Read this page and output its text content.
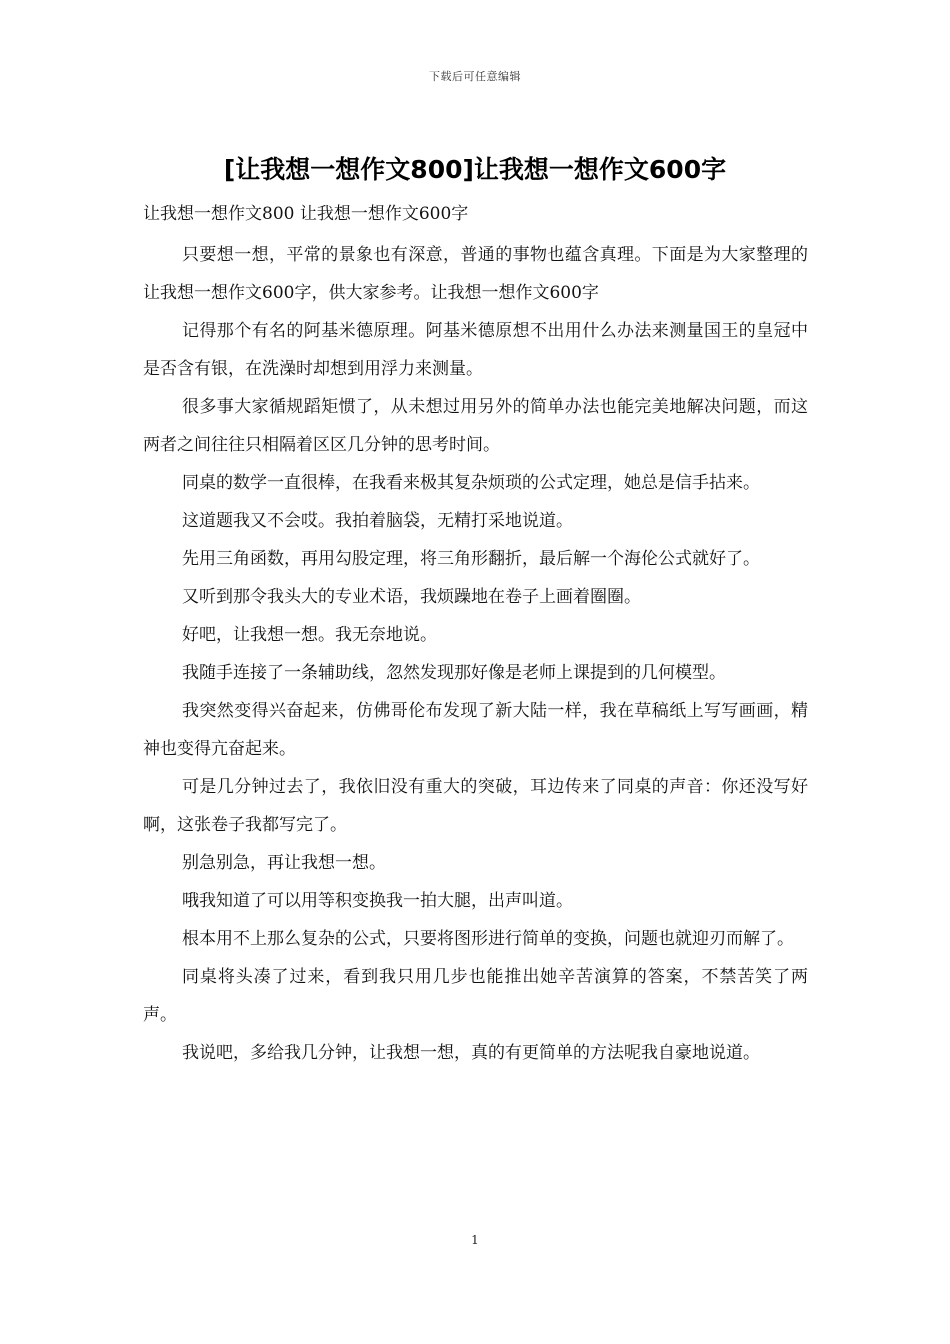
下载后可任意编辑
[让我想一想作文800]让我想一想作文600字

让我想一想作文800 让我想一想作文600字

只要想一想，平常的景象也有深意，普通的事物也蕴含真理。下面是为大家整理的让我想一想作文600字，供大家参考。让我想一想作文600字

记得那个有名的阿基米德原理。阿基米德原想不出用什么办法来测量国王的皇冠中是否含有银，在洗澡时却想到用浮力来测量。

很多事大家循规蹈矩惯了，从未想过用另外的简单办法也能完美地解决问题，而这两者之间往往只相隔着区区几分钟的思考时间。

同桌的数学一直很棒，在我看来极其复杂烦琐的公式定理，她总是信手拈来。

这道题我又不会哎。我拍着脑袋，无精打采地说道。

先用三角函数，再用勾股定理，将三角形翻折，最后解一个海伦公式就好了。

又听到那令我头大的专业术语，我烦躁地在卷子上画着圈圈。

好吧，让我想一想。我无奈地说。

我随手连接了一条辅助线，忽然发现那好像是老师上课提到的几何模型。

我突然变得兴奋起来，仿佛哥伦布发现了新大陆一样，我在草稿纸上写写画画，精神也变得亢奋起来。

可是几分钟过去了，我依旧没有重大的突破，耳边传来了同桌的声音：你还没写好啊，这张卷子我都写完了。

别急别急，再让我想一想。

哦我知道了可以用等积变换我一拍大腿，出声叫道。

根本用不上那么复杂的公式，只要将图形进行简单的变换，问题也就迎刃而解了。

同桌将头凑了过来，看到我只用几步也能推出她辛苦演算的答案，不禁苦笑了两声。

我说吧，多给我几分钟，让我想一想，真的有更简单的方法呢我自豪地说道。

1
